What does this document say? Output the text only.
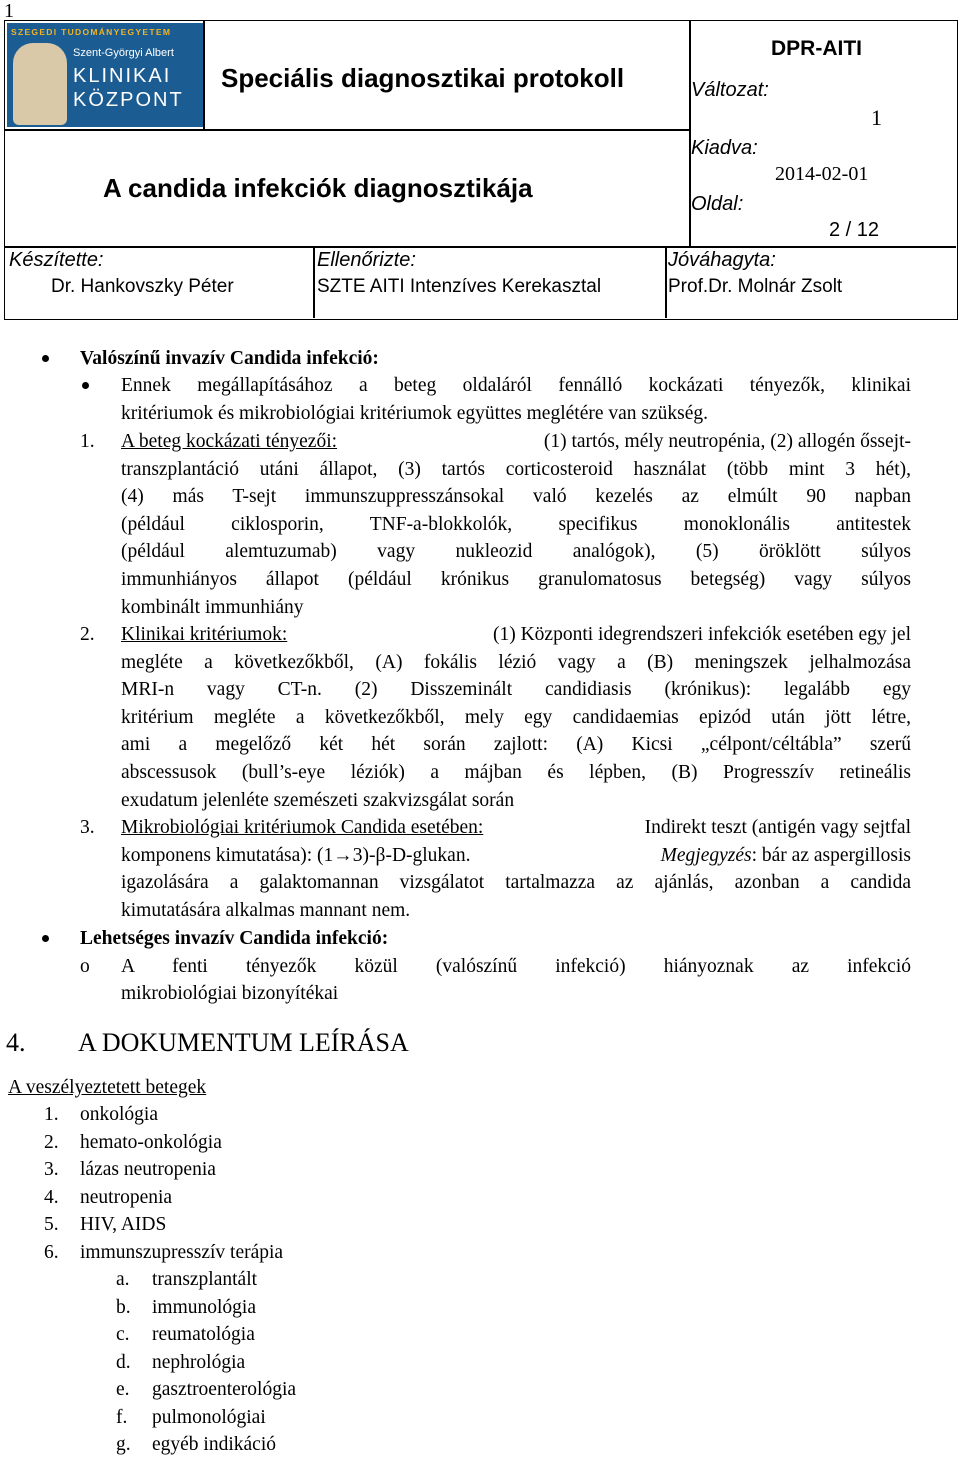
1
SZEGEDI TUDOMÁNYEGYETEM
Szent-Györgyi Albert
KLINIKAI
KÖZPONT
Speciális diagnosztikai protokoll
A candida infekciók diagnosztikája
DPR-AITI
Változat:
1
Kiadva:
2014-02-01
Oldal:
2 / 12
Készítette:
Dr. Hankovszky Péter
Ellenőrizte:
SZTE AITI Intenzíves Kerekasztal
Jóváhagyta:
Prof.Dr. Molnár Zsolt
Valószínű invazív Candida infekció:
Ennek megállapításához a beteg oldaláról fennálló kockázati tényezők, klinikai
kritériumok és mikrobiológiai kritériumok együttes meglétére van szükség.
1. A beteg kockázati tényezői:	(1) tartós, mély neutropénia, (2) allogén őssejt-
transzplantáció utáni állapot, (3) tartós corticosteroid használat (több mint 3 hét),
(4) más T-sejt immunszuppresszánsokal való kezelés az elmúlt 90 napban
(például ciklosporin, TNF-a-blokkolók, specifikus monoklonális antitestek
(például alemtuzumab) vagy nukleozid analógok), (5) öröklött súlyos
immunhiányos állapot (például krónikus granulomatosus betegség) vagy súlyos
kombinált immunhiány
2. Klinikai kritériumok:	(1) Központi idegrendszeri infekciók esetében egy jel
megléte a következőkből, (A) fokális lézió vagy a (B) meningszek jelhalmozása
MRI-n vagy CT-n. (2) Disszeminált candidiasis (krónikus): legalább egy
kritérium megléte a következőkből, mely egy candidaemias epizód után jött létre,
ami a megelőző két hét során zajlott: (A) Kicsi „célpont/céltábla” szerű
abscessusok (bull’s-eye léziók) a májban és lépben, (B) Progresszív retineális
exudatum jelenléte szemészeti szakvizsgálat során
3. Mikrobiológiai kritériumok Candida esetében:	Indirekt teszt (antigén vagy sejtfal
komponens kimutatása): (1→3)-β-D-glukan.	Megjegyzés: bár az aspergillosis
igazolására a galaktomannan vizsgálatot tartalmazza az ajánlás, azonban a candida
kimutatására alkalmas mannant nem.
Lehetséges invazív Candida infekció:
o A fenti tényezők közül (valószínű infekció) hiányoznak az infekció
mikrobiológiai bizonyítékai
4. A DOKUMENTUM LEÍRÁSA
A veszélyeztetett betegek
1. onkológia
2. hemato-onkológia
3. lázas neutropenia
4. neutropenia
5. HIV, AIDS
6. immunszupresszív terápia
a. transzplantált
b. immunológia
c. reumatológia
d. nephrológia
e. gasztroenterológia
f. pulmonológiai
g. egyéb indikáció
